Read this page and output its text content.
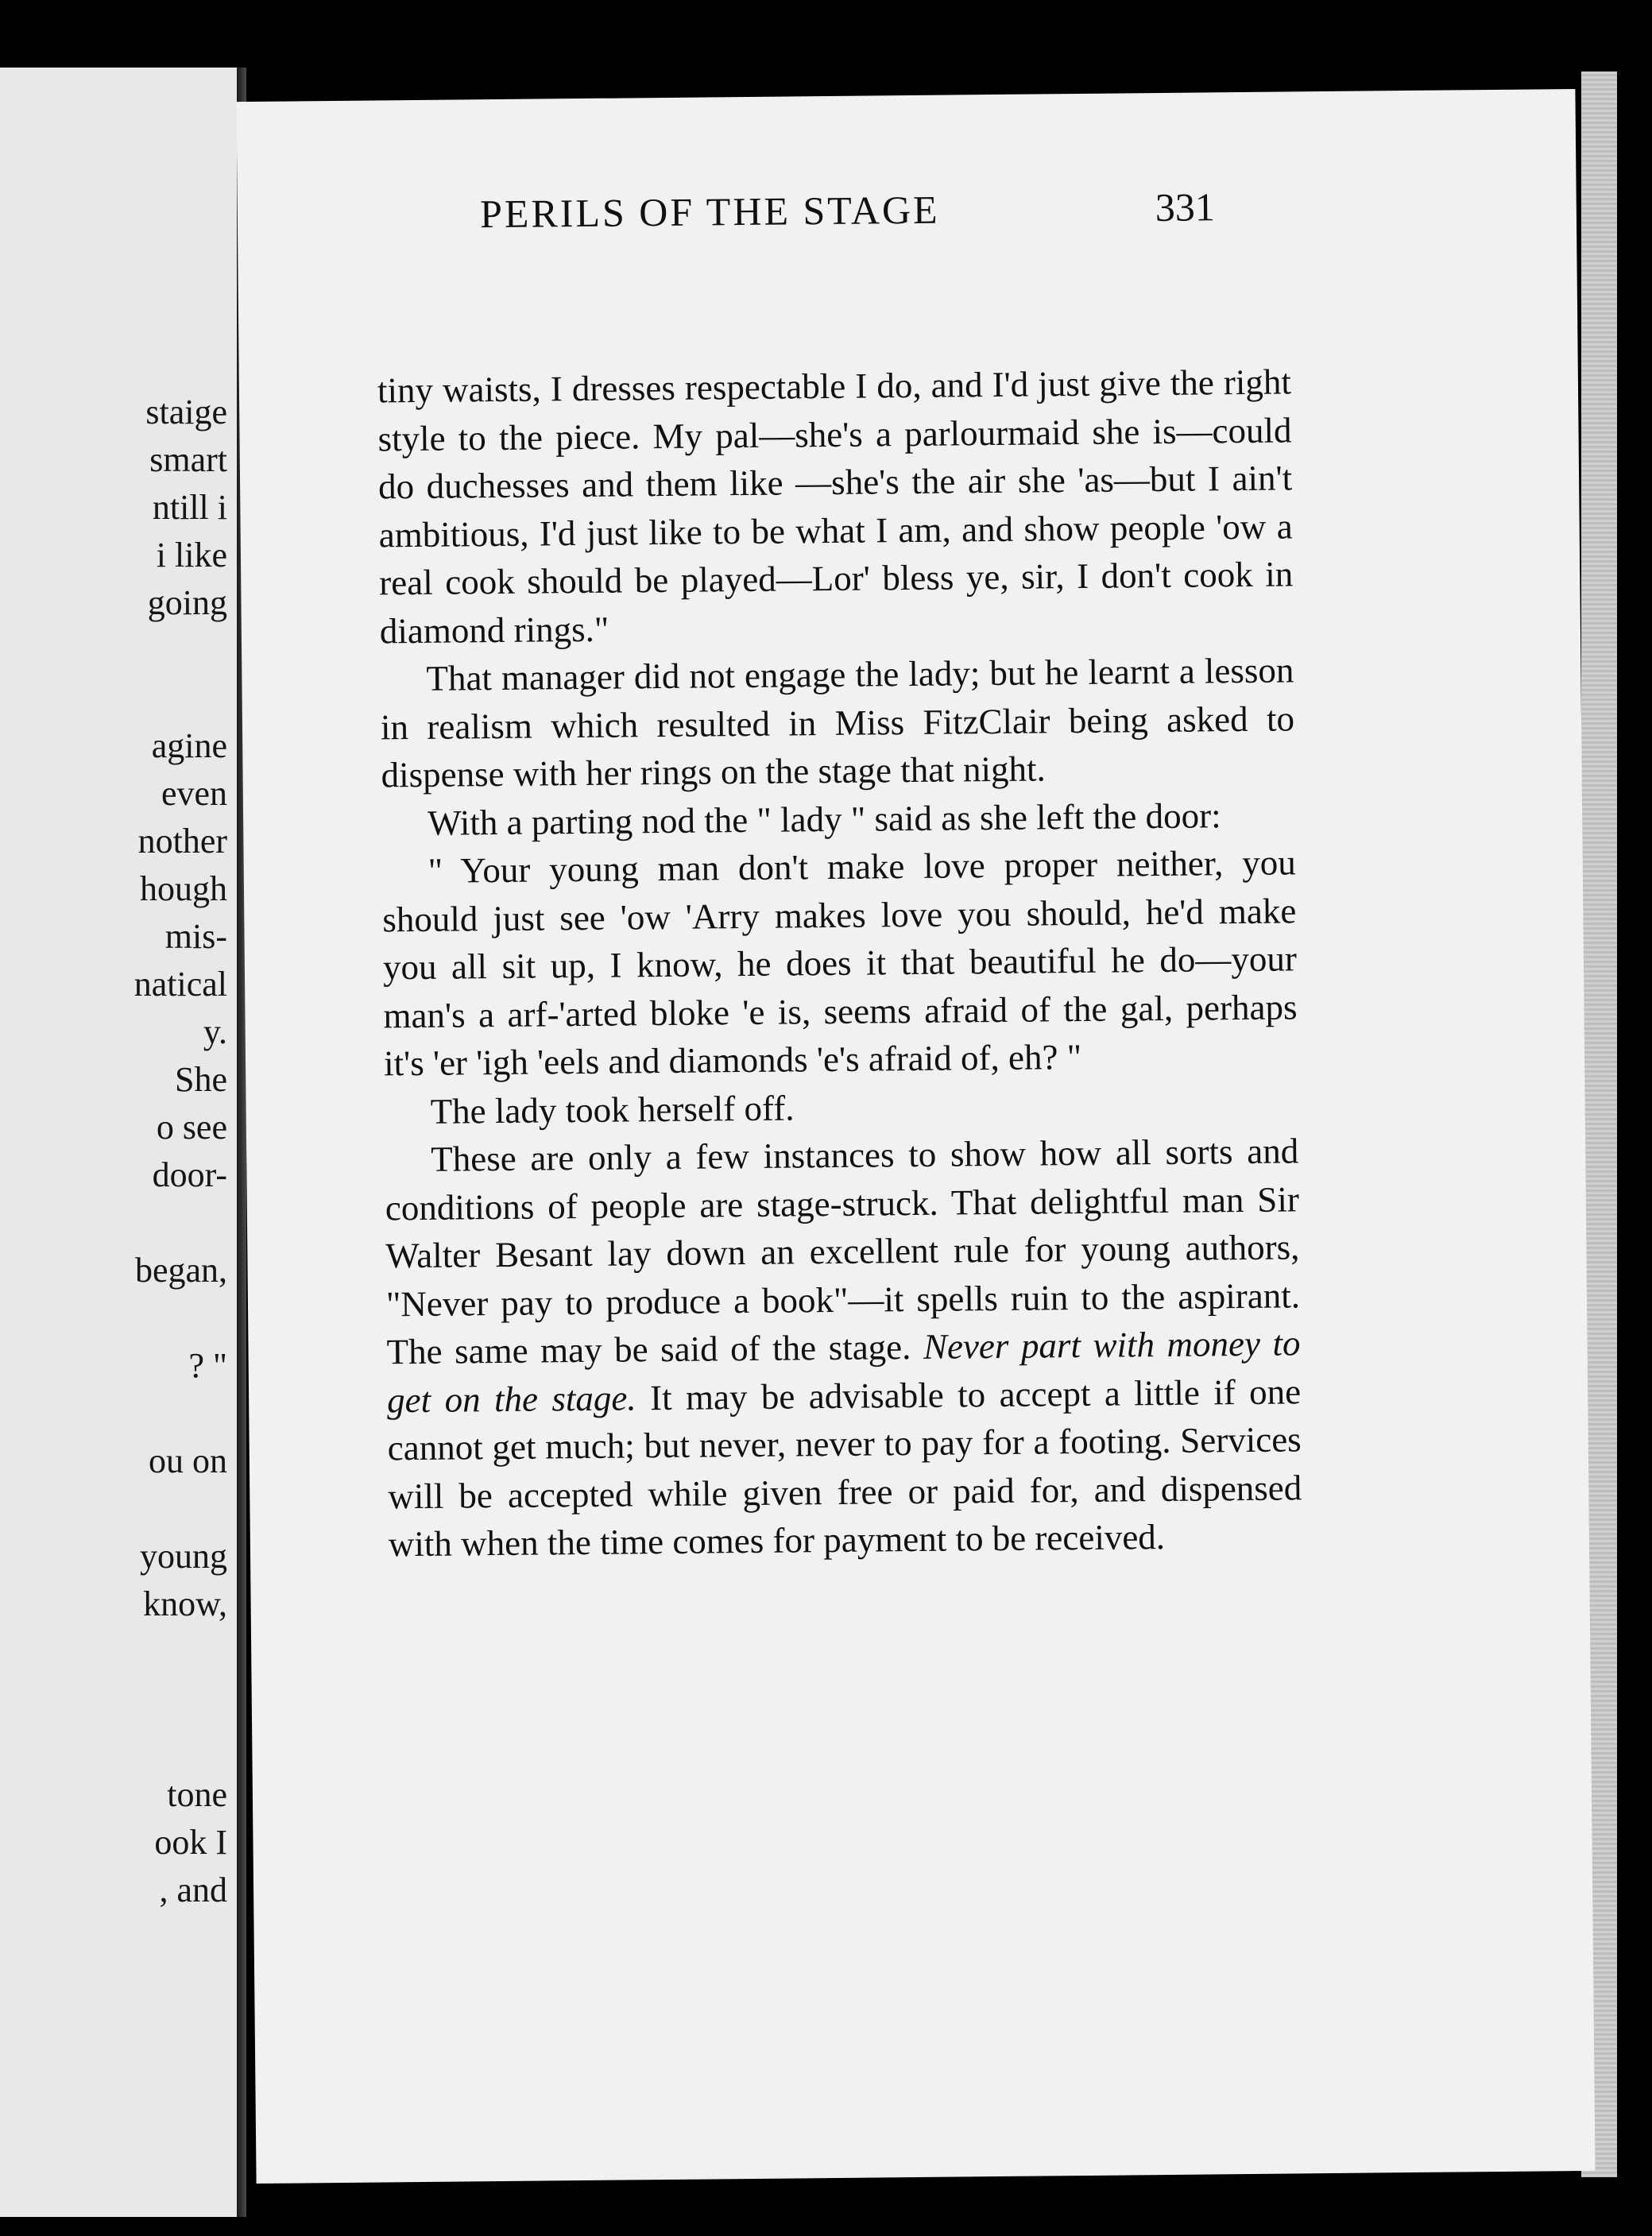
staige
smart
ntill i
i like
going
agine
even
nother
hough
mis-
natical
y.
She
o see
door-
began,
? "
ou on
young
know,
tone
ook I
, and
PERILS OF THE STAGE	331

tiny waists, I dresses respectable I do, and I'd just give the right style to the piece. My pal—she's a parlourmaid she is—could do duchesses and them like —she's the air she 'as—but I ain't ambitious, I'd just like to be what I am, and show people 'ow a real cook should be played—Lor' bless ye, sir, I don't cook in diamond rings."

That manager did not engage the lady; but he learnt a lesson in realism which resulted in Miss FitzClair being asked to dispense with her rings on the stage that night.

With a parting nod the " lady " said as she left the door:

" Your young man don't make love proper neither, you should just see 'ow 'Arry makes love you should, he'd make you all sit up, I know, he does it that beautiful he do—your man's a arf-'arted bloke 'e is, seems afraid of the gal, perhaps it's 'er 'igh 'eels and diamonds 'e's afraid of, eh? "

The lady took herself off.

These are only a few instances to show how all sorts and conditions of people are stage-struck. That delightful man Sir Walter Besant lay down an excellent rule for young authors, "Never pay to produce a book"—it spells ruin to the aspirant. The same may be said of the stage. Never part with money to get on the stage. It may be advisable to accept a little if one cannot get much; but never, never to pay for a footing. Services will be accepted while given free or paid for, and dispensed with when the time comes for payment to be received.
